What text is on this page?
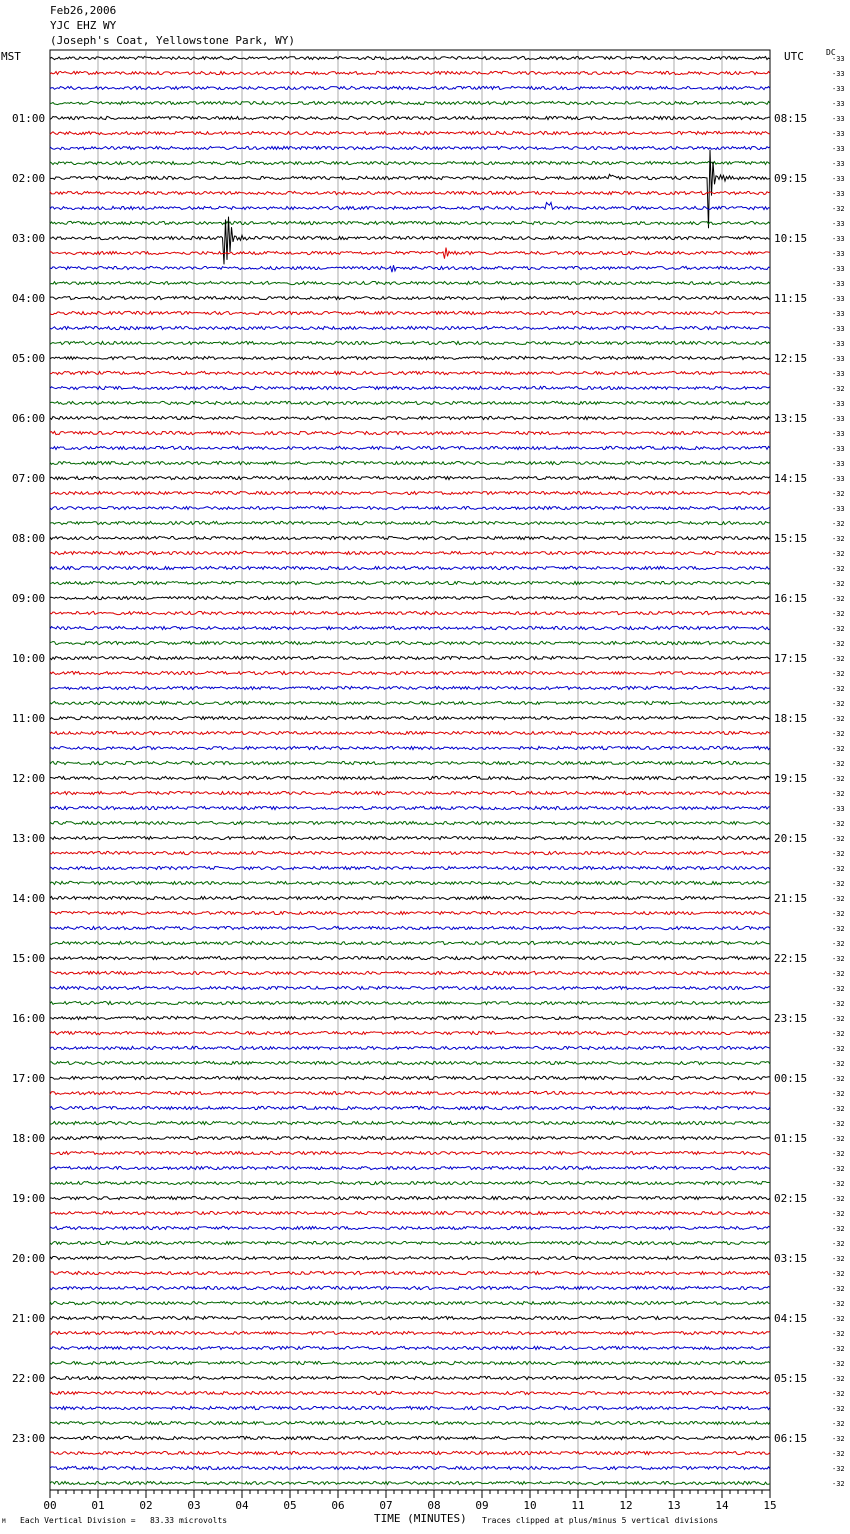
Feb26,2006
YJC EHZ WY
(Joseph's Coat, Yellowstone Park, WY)
MST	UTC	DC
-33
-33
-33
-33
-33
-33
-33
-33
-33
-33
-32
-33
-33
-33
-33
-33
-33
-33
-33
-33
-33
-33
-32
-33
-33
-33
-33
-33
-33
-32
-33
-32
-32
-32
-32
-32
-32
-32
-32
-32
-32
-32
-32
-32
-32
-32
-32
-32
-32
-32
-33
-32
-32
-32
-32
-32
-32
-32
-32
-32
-32
-32
-32
-32
-32
-32
-32
-32
-32
-32
-32
-32
-32
-32
-32
-32
-32
-32
-32
-32
-32
-32
-32
-32
-32
-32
-32
-32
-32
-32
-32
-32
-32
-32
-32
-32
01:00
02:00
03:00
04:00
05:00
06:00
07:00
08:00
09:00
10:00
11:00
12:00
13:00
14:00
15:00
16:00
17:00
18:00
19:00
20:00
21:00
22:00
23:00
08:15
09:15
10:15
11:15
12:15
13:15
14:15
15:15
16:15
17:15
18:15
19:15
20:15
21:15
22:15
23:15
00:15
01:15
02:15
03:15
04:15
05:15
06:15
00	01	02	03	04	05	06	07	08	09	10	11	12	13	14	15
TIME (MINUTES)
Each Vertical Division =   83.33 microvolts	Traces clipped at plus/minus 5 vertical divisions
M
